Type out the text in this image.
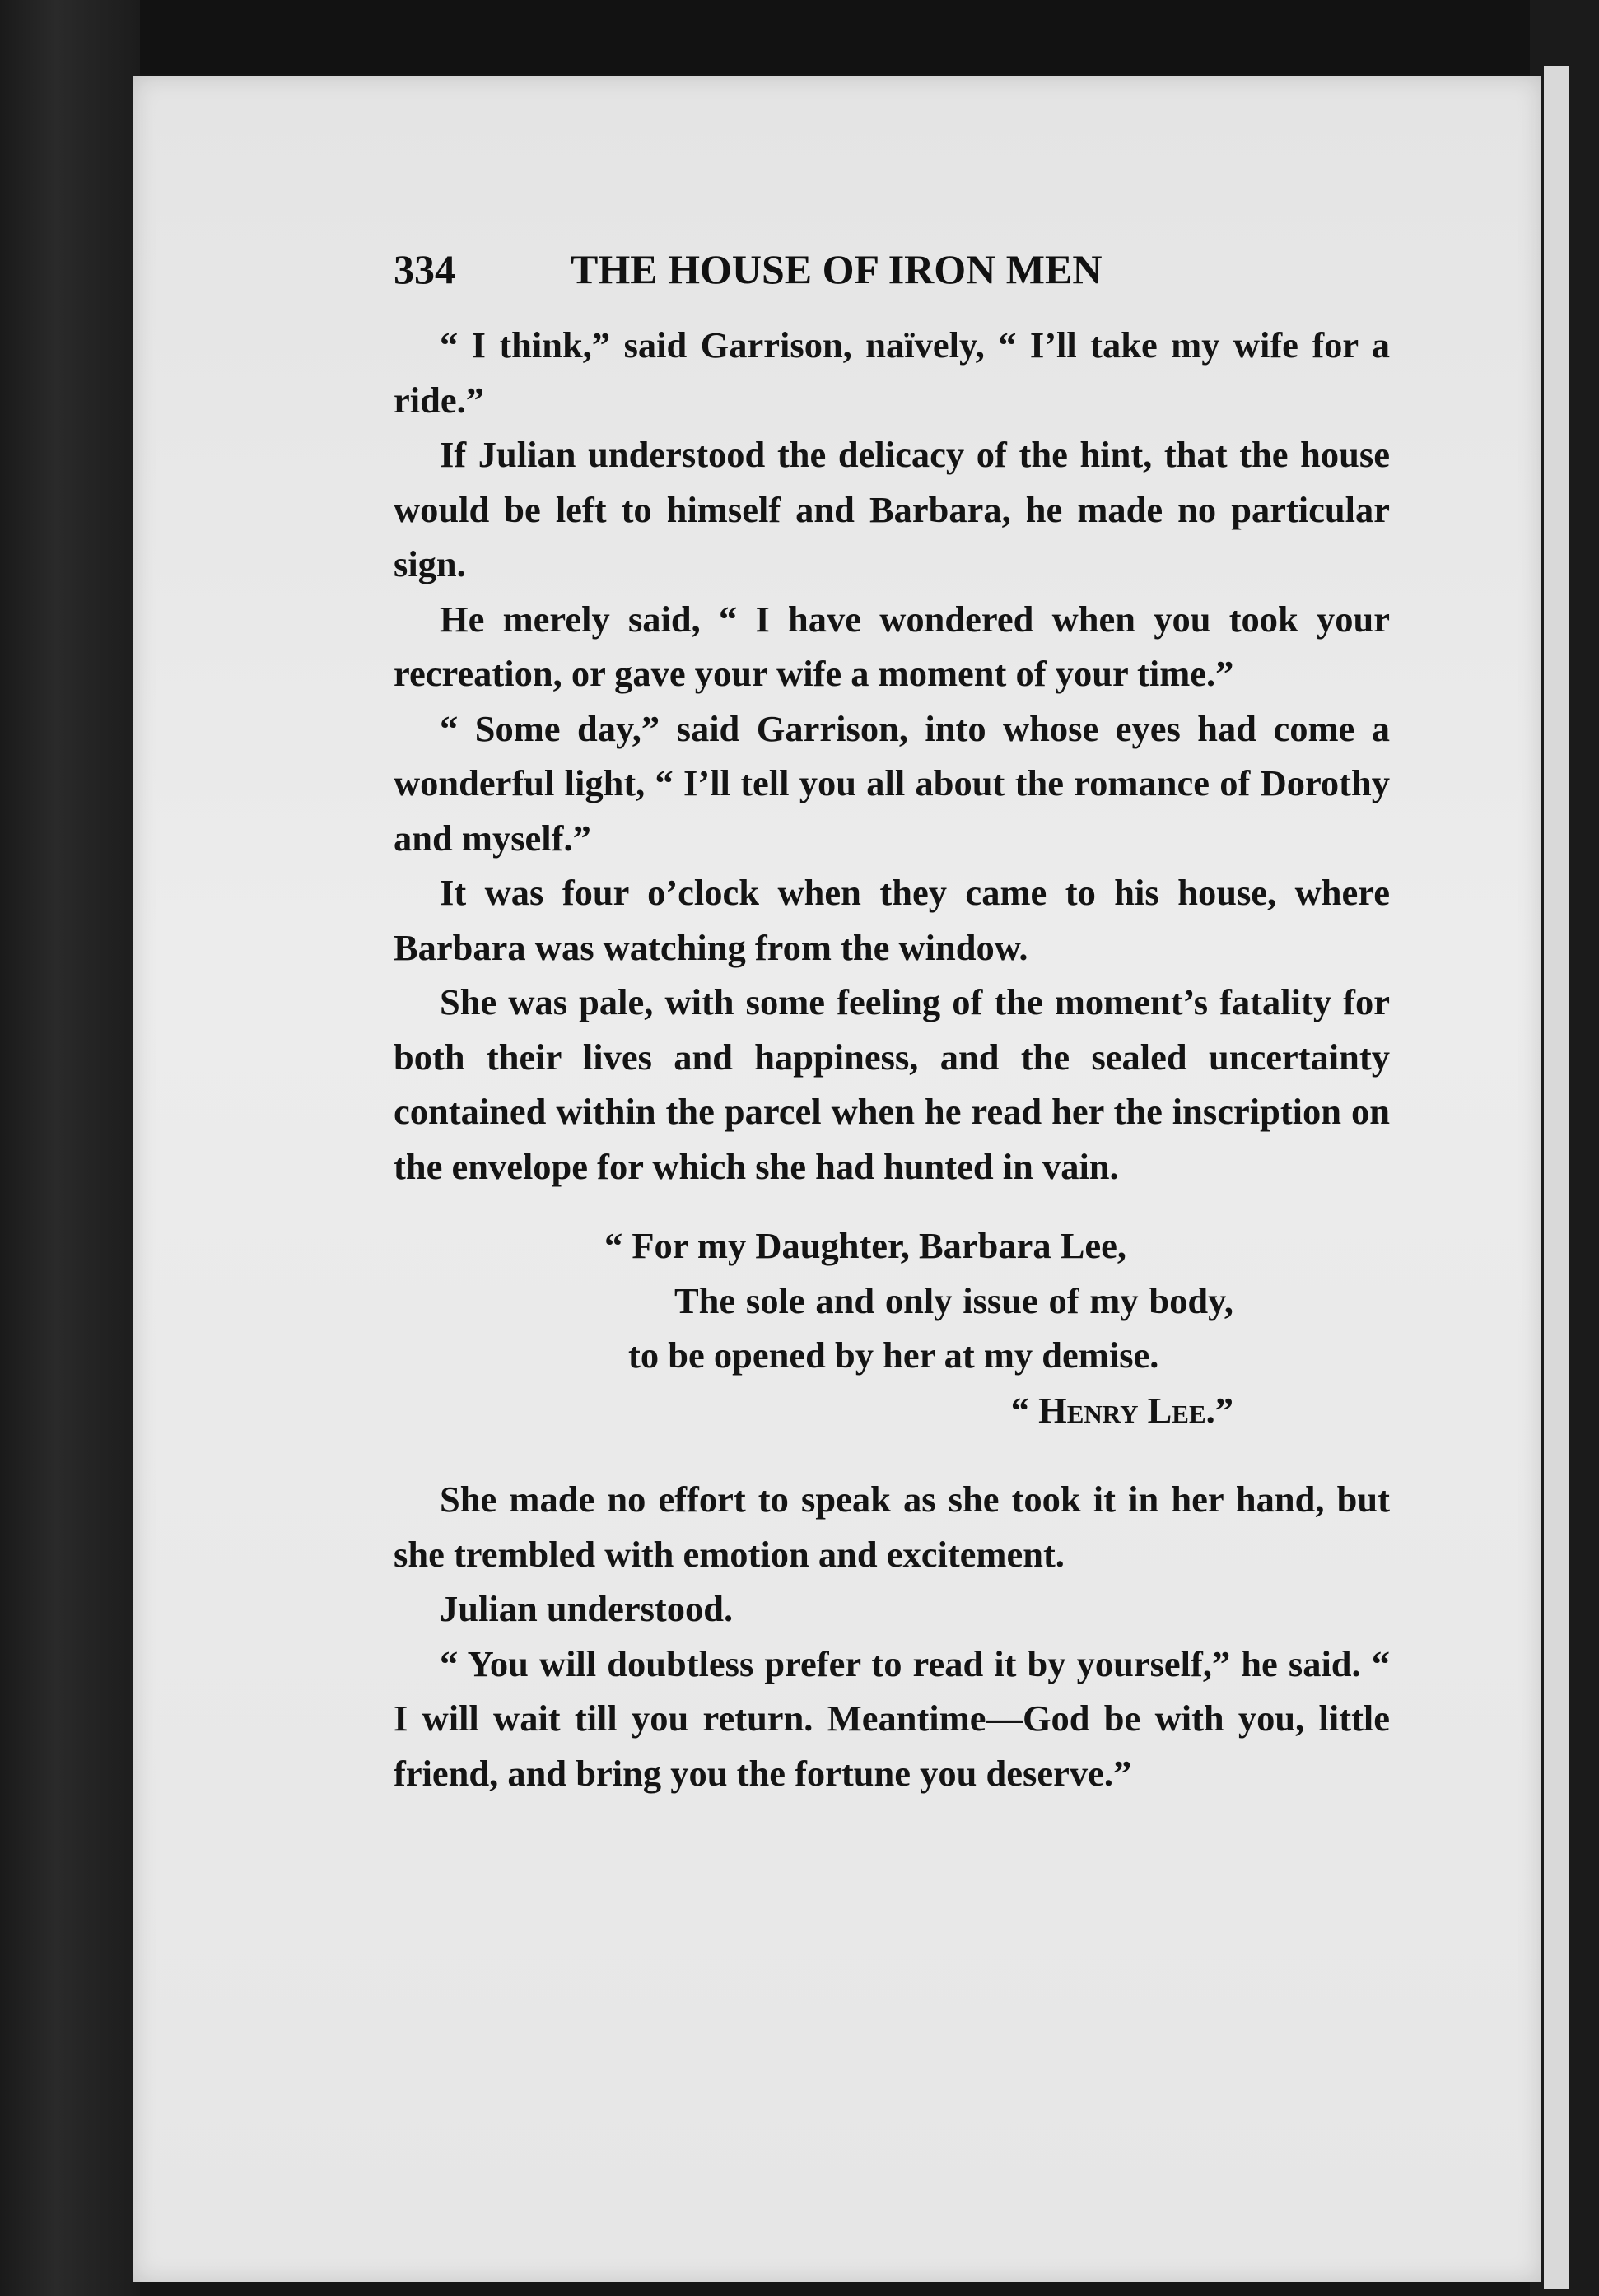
334	THE HOUSE OF IRON MEN

“ I think,” said Garrison, naïvely, “ I’ll take my wife for a ride.”

If Julian understood the delicacy of the hint, that the house would be left to himself and Barbara, he made no particular sign.

He merely said, “ I have wondered when you took your recreation, or gave your wife a moment of your time.”

“ Some day,” said Garrison, into whose eyes had come a wonderful light, “ I’ll tell you all about the romance of Dorothy and myself.”

It was four o’clock when they came to his house, where Barbara was watching from the window.

She was pale, with some feeling of the moment’s fatality for both their lives and happiness, and the sealed uncertainty contained within the parcel when he read her the inscription on the envelope for which she had hunted in vain.

“ For my Daughter, Barbara Lee,

The sole and only issue of my body, to be opened by her at my demise.

“ Henry Lee.”

She made no effort to speak as she took it in her hand, but she trembled with emotion and excitement.

Julian understood.

“ You will doubtless prefer to read it by yourself,” he said. “ I will wait till you return. Meantime—God be with you, little friend, and bring you the fortune you deserve.”
